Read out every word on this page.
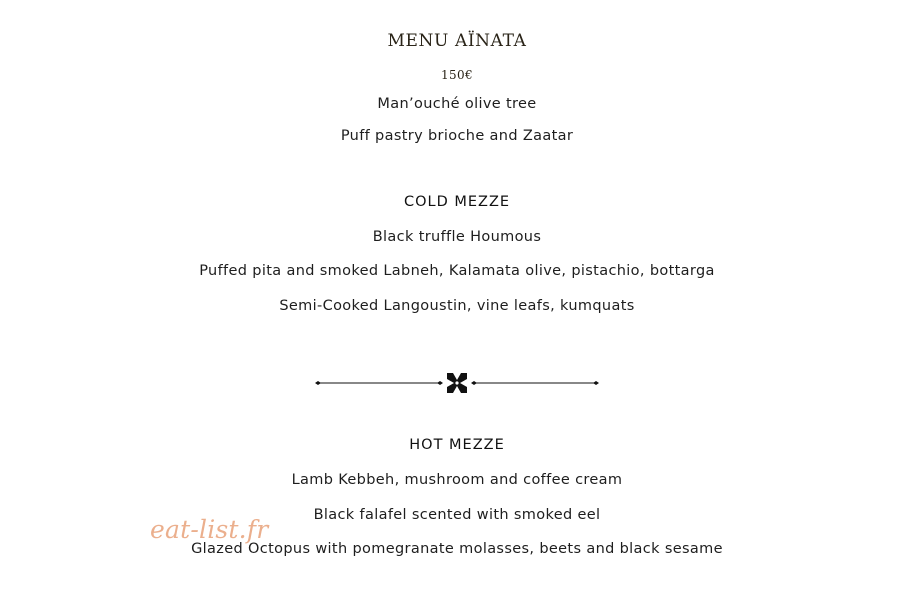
MENU AÏNATA
150€
Man’ouché olive tree
Puff pastry brioche and Zaatar
COLD MEZZE
Black truffle Houmous
Puffed pita and smoked Labneh, Kalamata olive, pistachio, bottarga
Semi-Cooked Langoustin, vine leafs, kumquats
HOT MEZZE
Lamb Kebbeh, mushroom and coffee cream
Black falafel scented with smoked eel
Glazed Octopus with pomegranate molasses, beets and black sesame
eat-list.fr
